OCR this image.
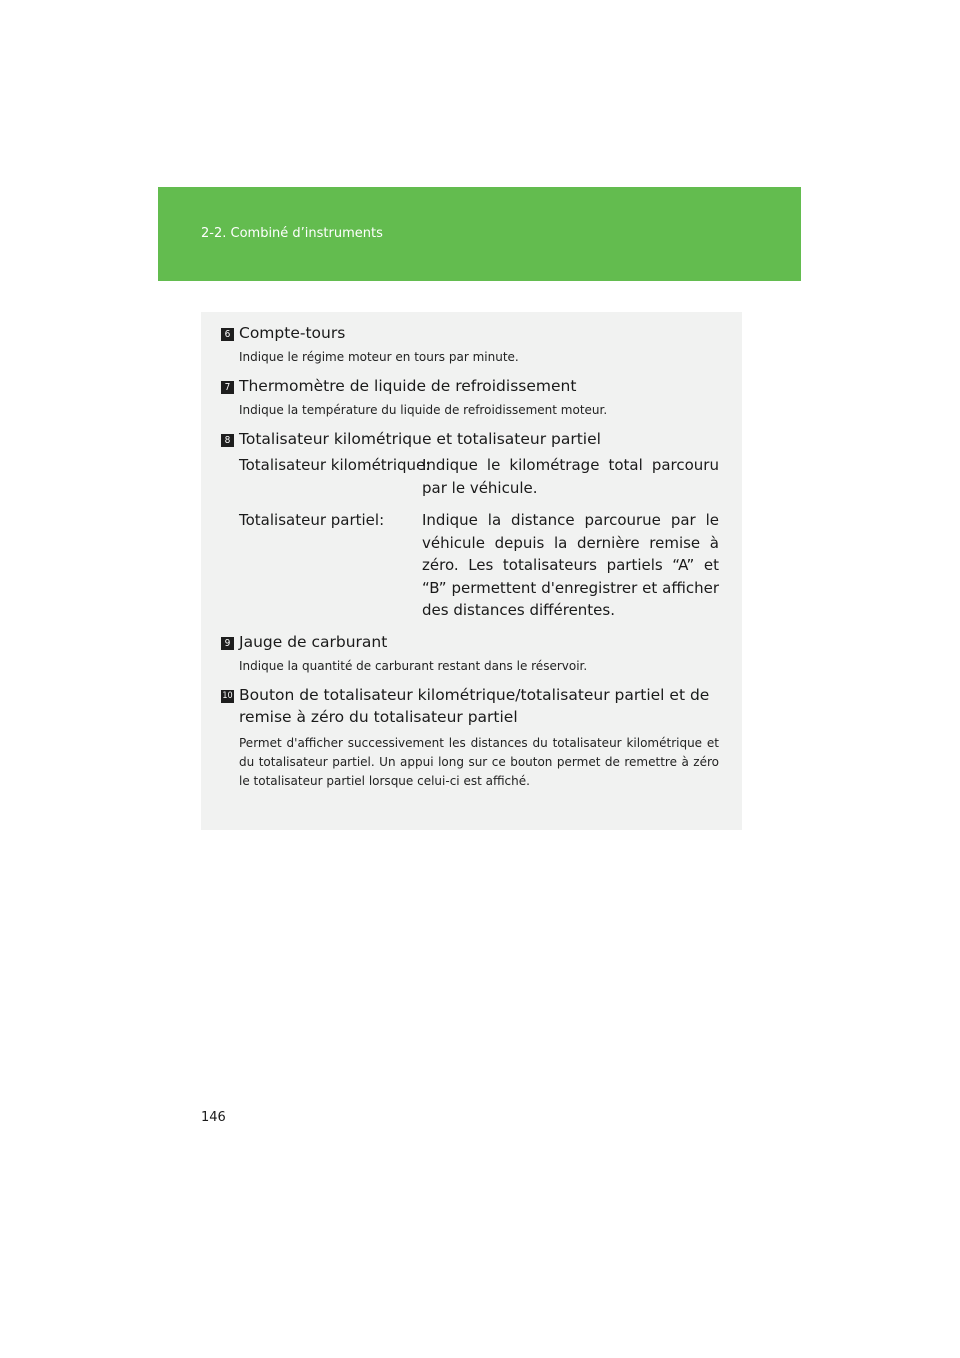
2-2. Combiné d’instruments
6 Compte-tours
Indique le régime moteur en tours par minute.
7 Thermomètre de liquide de refroidissement
Indique la température du liquide de refroidissement moteur.
8 Totalisateur kilométrique et totalisateur partiel
Totalisateur kilométrique:
Indique le kilométrage total parcouru par le véhicule.
Totalisateur partiel:	Indique la distance parcourue par le véhicule depuis la dernière remise à zéro. Les totalisateurs partiels “A” et “B” permettent d'enregistrer et afficher des distances différentes.
9 Jauge de carburant
Indique la quantité de carburant restant dans le réservoir.
10 Bouton de totalisateur kilométrique/totalisateur partiel et de remise à zéro du totalisateur partiel
Permet d'afficher successivement les distances du totalisateur kilométrique et du totalisateur partiel. Un appui long sur ce bouton permet de remettre à zéro le totalisateur partiel lorsque celui-ci est affiché.
146
